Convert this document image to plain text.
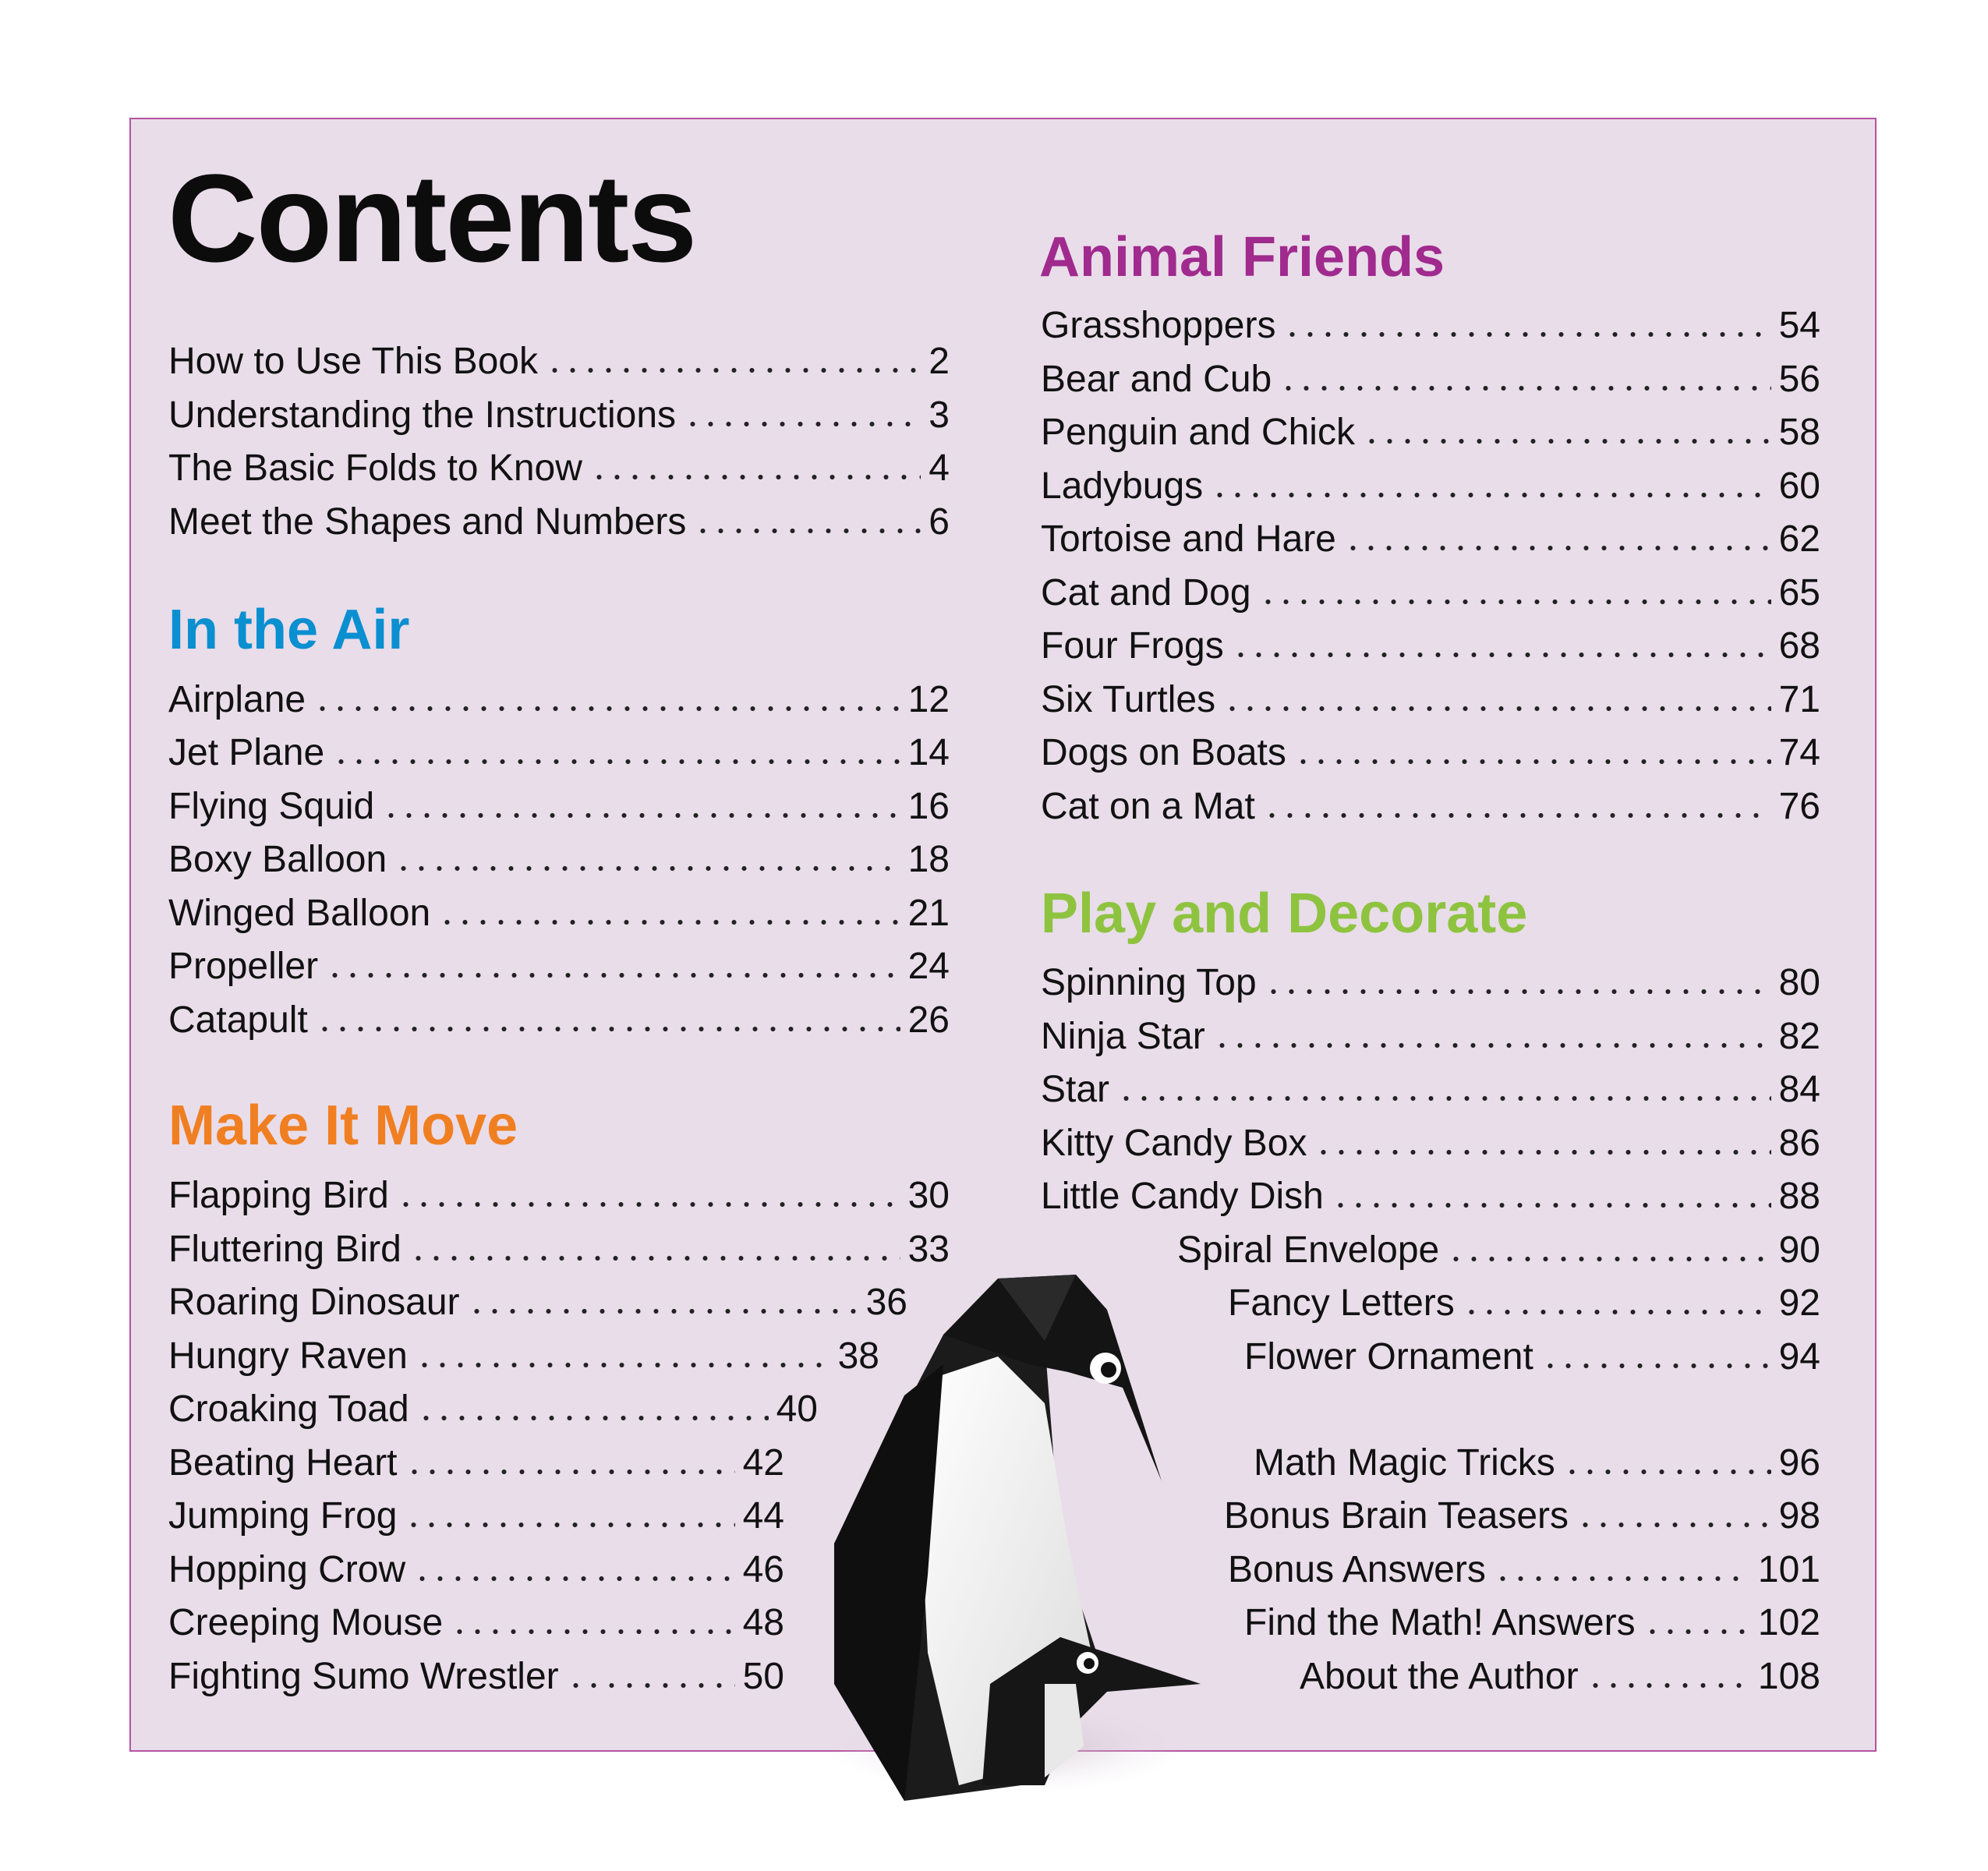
Contents
How to Use This Book	2
Understanding the Instructions	3
The Basic Folds to Know	4
Meet the Shapes and Numbers	6
In the Air
Airplane	12
Jet Plane	14
Flying Squid	16
Boxy Balloon	18
Winged Balloon	21
Propeller	24
Catapult	26
Make It Move
Flapping Bird	30
Fluttering Bird	33
Roaring Dinosaur	36
Hungry Raven	38
Croaking Toad	40
Beating Heart	42
Jumping Frog	44
Hopping Crow	46
Creeping Mouse	48
Fighting Sumo Wrestler	50
Animal Friends
Grasshoppers	54
Bear and Cub	56
Penguin and Chick	58
Ladybugs	60
Tortoise and Hare	62
Cat and Dog	65
Four Frogs	68
Six Turtles	71
Dogs on Boats	74
Cat on a Mat	76
Play and Decorate
Spinning Top	80
Ninja Star	82
Star	84
Kitty Candy Box	86
Little Candy Dish	88
Spiral Envelope	90
Fancy Letters	92
Flower Ornament	94
Math Magic Tricks	96
Bonus Brain Teasers	98
Bonus Answers	101
Find the Math! Answers	102
About the Author	108
